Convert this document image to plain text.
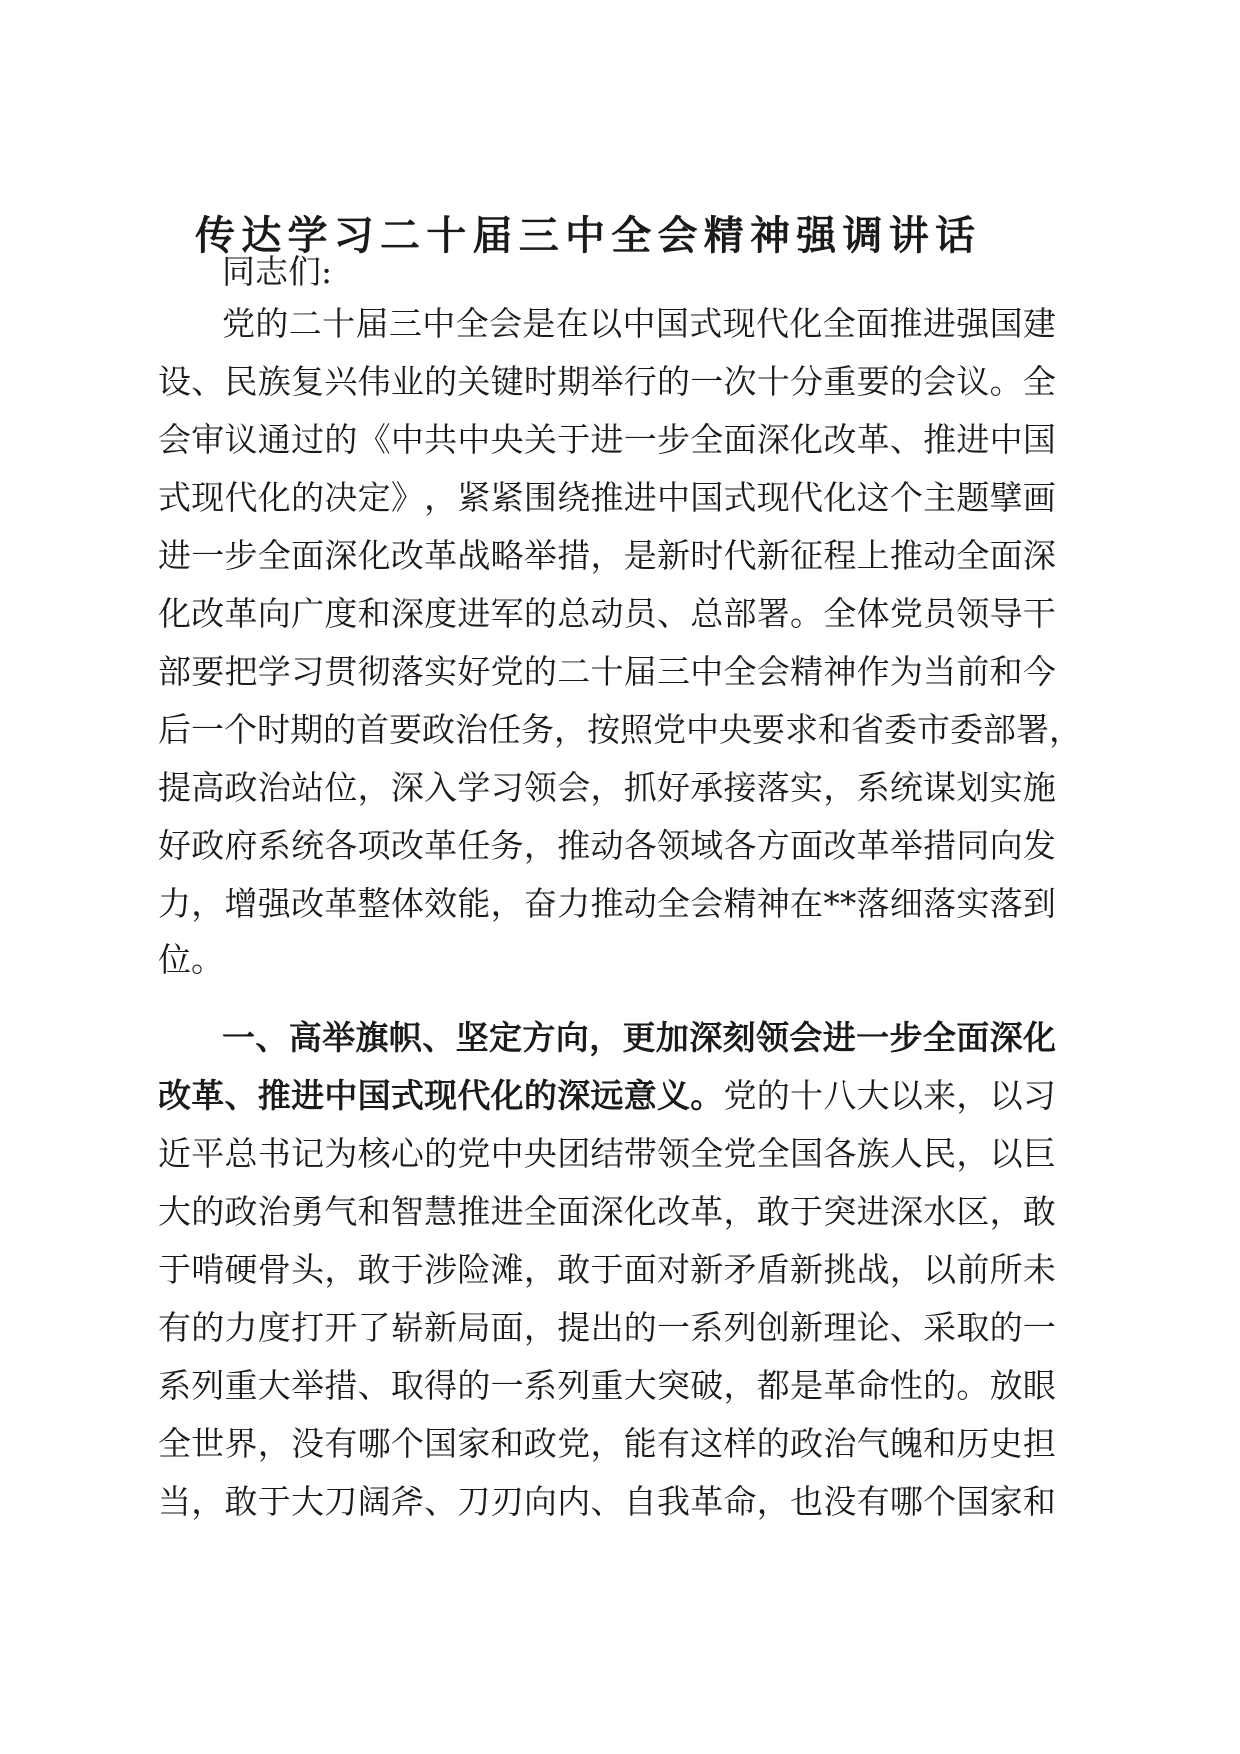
传 达 学 习 二 十 届 三 中 全 会 精 神 强 调 讲 话
同志们:
党 的 二 十 届 三 中 全 会 是 在 以 中 国 式 现 代 化 全 面 推 进 强 国 建
设 、 民 族 复 兴 伟 业 的 关 键 时 期 举 行 的 一 次 十 分 重 要 的 会 议 。 全
会 审 议 通 过 的 《 中 共 中 央 关 于 进 一 步 全 面 深 化 改 革 、 推 进 中 国
式 现 代 化 的 决 定 》 ， 紧 紧 围 绕 推 进 中 国 式 现 代 化 这 个 主 题 擘 画
进 一 步 全 面 深 化 改 革 战 略 举 措 ， 是 新 时 代 新 征 程 上 推 动 全 面 深
化 改 革 向 广 度 和 深 度 进 军 的 总 动 员 、 总 部 署 。 全 体 党 员 领 导 干
部 要 把 学 习 贯 彻 落 实 好 党 的 二 十 届 三 中 全 会 精 神 作 为 当 前 和 今
后 一 个 时 期 的 首 要 政 治 任 务 ， 按 照 党 中 央 要 求 和 省 委 市 委 部 署 ，
提 高 政 治 站 位 ， 深 入 学 习 领 会 ， 抓 好 承 接 落 实 ， 系 统 谋 划 实 施
好 政 府 系 统 各 项 改 革 任 务 ， 推 动 各 领 域 各 方 面 改 革 举 措 同 向 发
力 ， 增 强 改 革 整 体 效 能 ， 奋 力 推 动 全 会 精 神 在 ** 落 细 落 实 落 到
位 。
一 、 高 举 旗 帜 、 坚 定 方 向 ， 更 加 深 刻 领 会 进 一 步 全 面 深 化
改 革 、 推 进 中 国 式 现 代 化 的 深 远 意 义 。 党 的 十 八 大 以 来 ， 以 习
近 平 总 书 记 为 核 心 的 党 中 央 团 结 带 领 全 党 全 国 各 族 人 民 ， 以 巨
大 的 政 治 勇 气 和 智 慧 推 进 全 面 深 化 改 革 ， 敢 于 突 进 深 水 区 ， 敢
于 啃 硬 骨 头 ， 敢 于 涉 险 滩 ， 敢 于 面 对 新 矛 盾 新 挑 战 ， 以 前 所 未
有 的 力 度 打 开 了 崭 新 局 面 ， 提 出 的 一 系 列 创 新 理 论 、 采 取 的 一
系 列 重 大 举 措 、 取 得 的 一 系 列 重 大 突 破 ， 都 是 革 命 性 的 。 放 眼
全 世 界 ， 没 有 哪 个 国 家 和 政 党 ， 能 有 这 样 的 政 治 气 魄 和 历 史 担
当 ， 敢 于 大 刀 阔 斧 、 刀 刃 向 内 、 自 我 革 命 ， 也 没 有 哪 个 国 家 和
